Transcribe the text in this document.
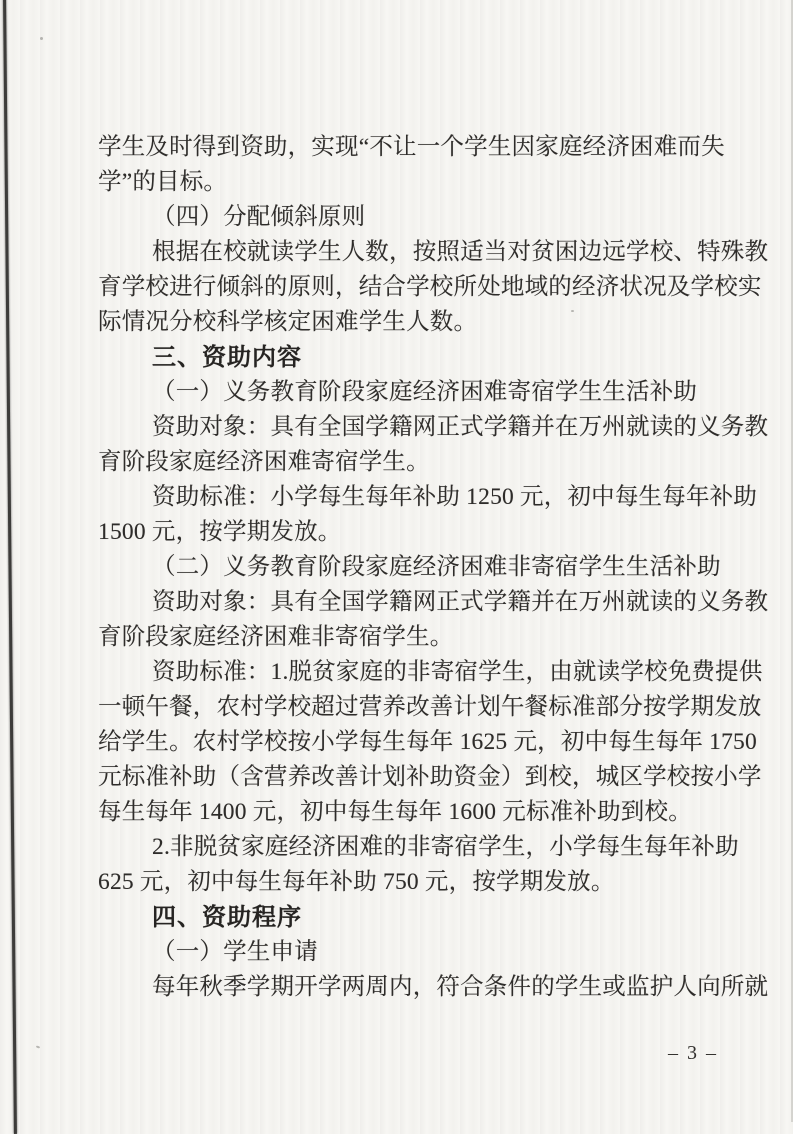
学生及时得到资助，实现“不让一个学生因家庭经济困难而失
学”的目标。
（四）分配倾斜原则
根据在校就读学生人数，按照适当对贫困边远学校、特殊教
育学校进行倾斜的原则，结合学校所处地域的经济状况及学校实
际情况分校科学核定困难学生人数。
三、资助内容
（一）义务教育阶段家庭经济困难寄宿学生生活补助
资助对象：具有全国学籍网正式学籍并在万州就读的义务教
育阶段家庭经济困难寄宿学生。
资助标准：小学每生每年补助 1250 元，初中每生每年补助
1500 元，按学期发放。
（二）义务教育阶段家庭经济困难非寄宿学生生活补助
资助对象：具有全国学籍网正式学籍并在万州就读的义务教
育阶段家庭经济困难非寄宿学生。
资助标准：1.脱贫家庭的非寄宿学生，由就读学校免费提供
一顿午餐，农村学校超过营养改善计划午餐标准部分按学期发放
给学生。农村学校按小学每生每年 1625 元，初中每生每年 1750
元标准补助（含营养改善计划补助资金）到校，城区学校按小学
每生每年 1400 元，初中每生每年 1600 元标准补助到校。
2.非脱贫家庭经济困难的非寄宿学生，小学每生每年补助
625 元，初中每生每年补助 750 元，按学期发放。
四、资助程序
（一）学生申请
每年秋季学期开学两周内，符合条件的学生或监护人向所就
– 3 –
